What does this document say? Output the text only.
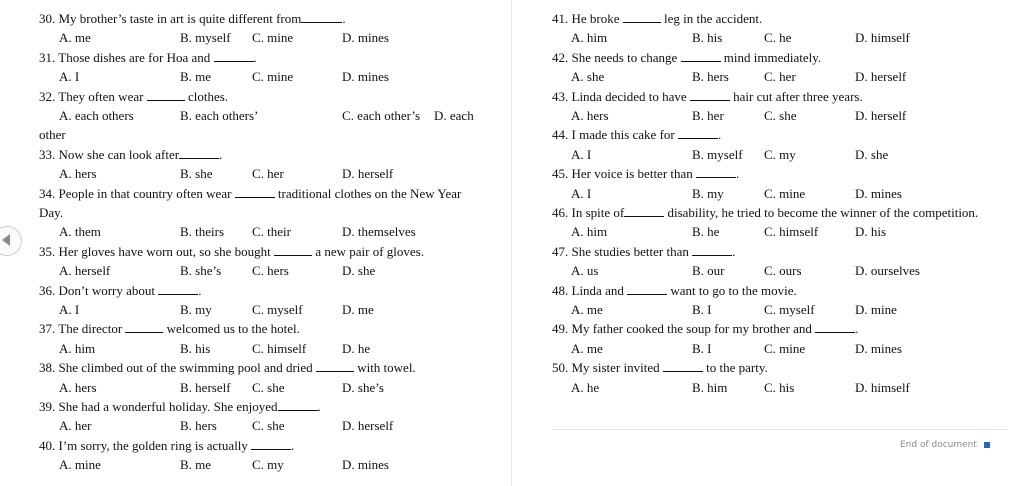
30. My brother’s taste in art is quite different from	.
A. me	B. myself C. mine	D. mines
31. Those dishes are for Hoa and	.
A. I	B. me	C. mine	D. mines
32. They often wear	clothes.
A. each others	B. each others’	C. each other’s D. each
other
33. Now she can look after	.
A. hers	B. she	C. her	D. herself
34. People in that country often wear	traditional clothes on the New Year Day.
A. them	B. theirs C. their	D. themselves
35. Her gloves have worn out, so she bought	a new pair of gloves.
A. herself	B. she’s C. hers	D. she
36. Don’t worry about	.
A. I	B. my	C. myself	D. me
37. The director	welcomed us to the hotel.
A. him	B. his	C. himself	D. he
38. She climbed out of the swimming pool and dried	with towel.
A. hers	B. herself C. she	D. she’s
39. She had a wonderful holiday. She enjoyed	.
A. her	B. hers	C. she	D. herself
40. I’m sorry, the golden ring is actually	.
A. mine	B. me	C. my	D. mines
41. He broke	leg in the accident.
A. him	B. his	C. he	D. himself
42. She needs to change	mind immediately.
A. she	B. hers	C. her	D. herself
43. Linda decided to have	hair cut after three years.
A. hers	B. her	C. she	D. herself
44. I made this cake for	.
A. I	B. myself C. my	D. she
45. Her voice is better than	.
A. I	B. my	C. mine	D. mines
46. In spite of	disability, he tried to become the winner of the competition.
A. him	B. he	C. himself	D. his
47. She studies better than	.
A. us	B. our	C. ours	D. ourselves
48. Linda and	want to go to the movie.
A. me	B. I	C. myself	D. mine
49. My father cooked the soup for my brother and	.
A. me	B. I	C. mine	D. mines
50. My sister invited	to the party.
A. he	B. him	C. his	D. himself
End of document
